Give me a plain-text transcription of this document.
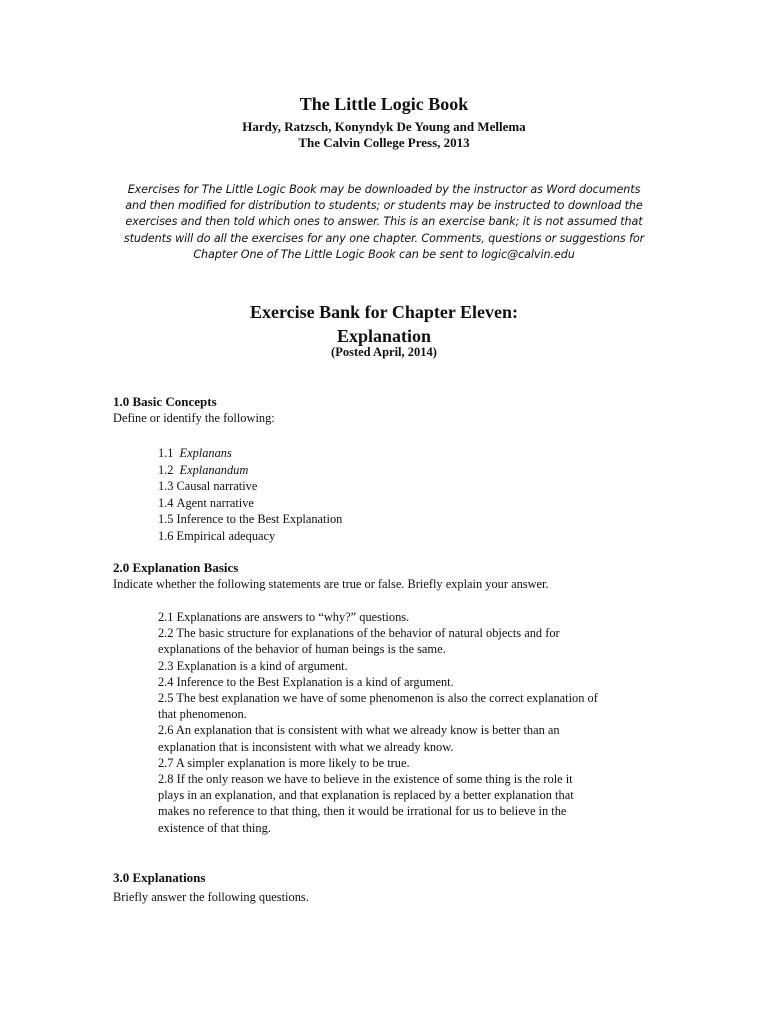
The Little Logic Book

Hardy, Ratzsch, Konyndyk De Young and Mellema

The Calvin College Press, 2013

Exercises for The Little Logic Book may be downloaded by the instructor as Word documents
and then modified for distribution to students; or students may be instructed to download the
exercises and then told which ones to answer. This is an exercise bank; it is not assumed that
students will do all the exercises for any one chapter. Comments, questions or suggestions for
Chapter One of The Little Logic Book can be sent to logic@calvin.edu
Exercise Bank for Chapter Eleven:
Explanation

(Posted April, 2014)

1.0 Basic Concepts

Define or identify the following:

1.1 Explanans
1.2 Explanandum
1.3 Causal narrative
1.4 Agent narrative
1.5 Inference to the Best Explanation
1.6 Empirical adequacy

2.0 Explanation Basics

Indicate whether the following statements are true or false. Briefly explain your answer.

2.1 Explanations are answers to “why?” questions.
2.2 The basic structure for explanations of the behavior of natural objects and for
explanations of the behavior of human beings is the same.
2.3 Explanation is a kind of argument.
2.4 Inference to the Best Explanation is a kind of argument.
2.5 The best explanation we have of some phenomenon is also the correct explanation of
that phenomenon.
2.6 An explanation that is consistent with what we already know is better than an
explanation that is inconsistent with what we already know.
2.7 A simpler explanation is more likely to be true.
2.8 If the only reason we have to believe in the existence of some thing is the role it
plays in an explanation, and that explanation is replaced by a better explanation that
makes no reference to that thing, then it would be irrational for us to believe in the
existence of that thing.

3.0 Explanations

Briefly answer the following questions.
